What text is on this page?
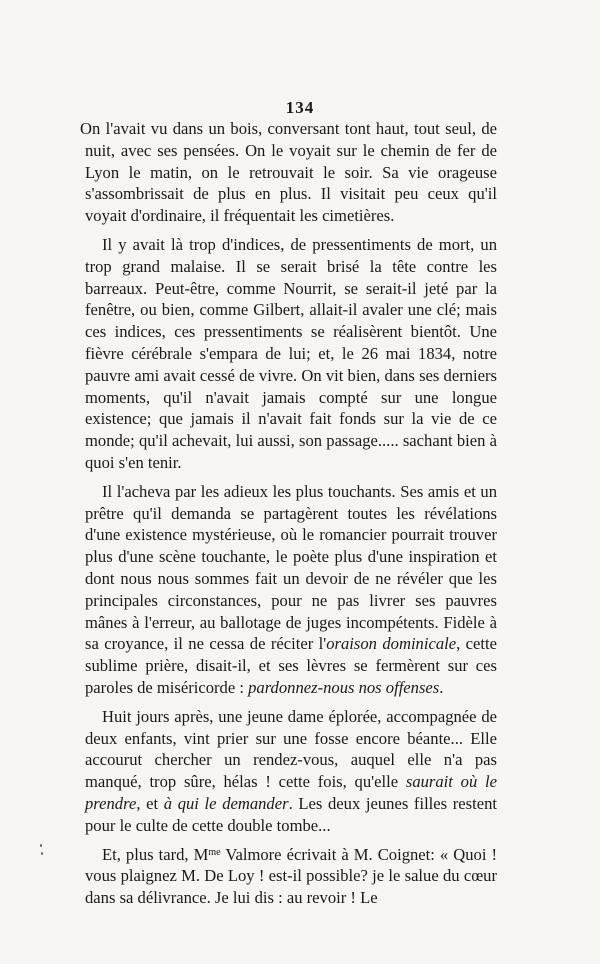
134

On l'avait vu dans un bois, conversant tont haut, tout seul, de nuit, avec ses pensées. On le voyait sur le chemin de fer de Lyon le matin, on le retrouvait le soir. Sa vie orageuse s'assombrissait de plus en plus. Il visitait peu ceux qu'il voyait d'ordinaire, il fréquentait les cimetières.

Il y avait là trop d'indices, de pressentiments de mort, un trop grand malaise. Il se serait brisé la tête contre les barreaux. Peut-être, comme Nourrit, se serait-il jeté par la fenêtre, ou bien, comme Gilbert, allait-il avaler une clé; mais ces indices, ces pressentiments se réalisèrent bientôt. Une fièvre cérébrale s'empara de lui; et, le 26 mai 1834, notre pauvre ami avait cessé de vivre. On vit bien, dans ses derniers moments, qu'il n'avait jamais compté sur une longue existence; que jamais il n'avait fait fonds sur la vie de ce monde; qu'il achevait, lui aussi, son passage..... sachant bien à quoi s'en tenir.

Il l'acheva par les adieux les plus touchants. Ses amis et un prêtre qu'il demanda se partagèrent toutes les révélations d'une existence mystérieuse, où le romancier pourrait trouver plus d'une scène touchante, le poète plus d'une inspiration et dont nous nous sommes fait un devoir de ne révéler que les principales circonstances, pour ne pas livrer ses pauvres mânes à l'erreur, au ballotage de juges incompétents. Fidèle à sa croyance, il ne cessa de réciter l'oraison dominicale, cette sublime prière, disait-il, et ses lèvres se fermèrent sur ces paroles de miséricorde : pardonnez-nous nos offenses.

Huit jours après, une jeune dame éplorée, accompagnée de deux enfants, vint prier sur une fosse encore béante... Elle accourut chercher un rendez-vous, auquel elle n'a pas manqué, trop sûre, hélas ! cette fois, qu'elle saurait où le prendre, et à qui le demander. Les deux jeunes filles restent pour le culte de cette double tombe...

Et, plus tard, $M^{me}$ Valmore écrivait à M. Coignet: « Quoi ! vous plaignez M. De Loy ! est-il possible? je le salue du cœur dans sa délivrance. Je lui dis : au revoir ! Le
